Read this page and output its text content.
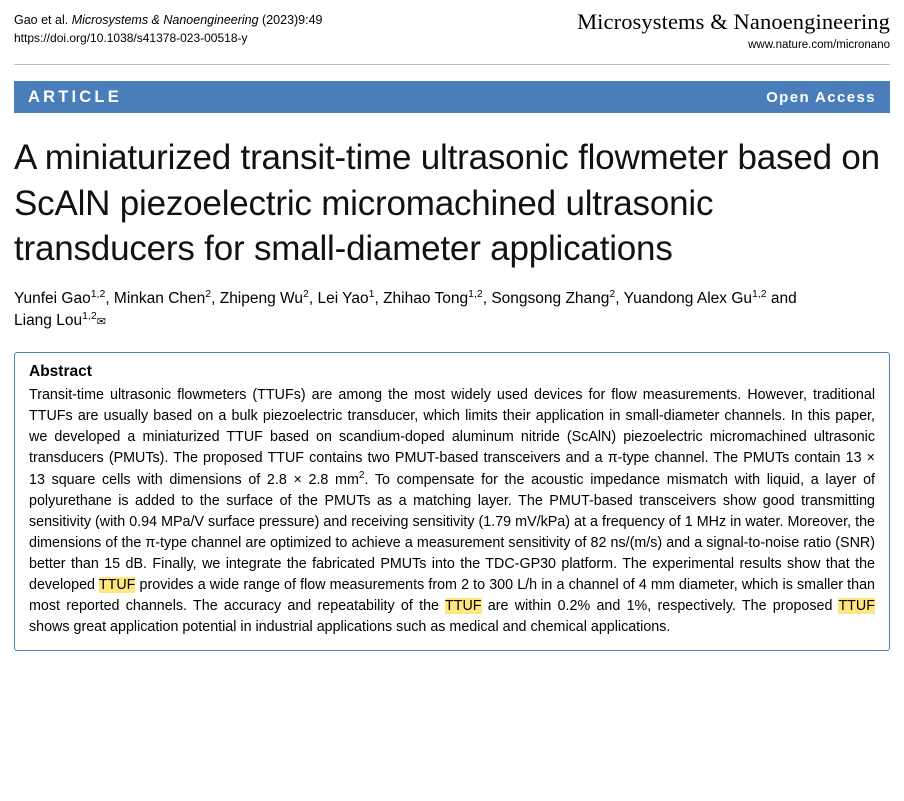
Gao et al. Microsystems & Nanoengineering (2023)9:49
https://doi.org/10.1038/s41378-023-00518-y
Microsystems & Nanoengineering
www.nature.com/micronano
ARTICLE	Open Access
A miniaturized transit-time ultrasonic flowmeter based on ScAlN piezoelectric micromachined ultrasonic transducers for small-diameter applications
Yunfei Gao$^{1,2}$, Minkan Chen$^2$, Zhipeng Wu$^2$, Lei Yao$^1$, Zhihao Tong$^{1,2}$, Songsong Zhang$^2$, Yuandong Alex Gu$^{1,2}$ and
Liang Lou$^{1,2}$✉
Abstract
Transit-time ultrasonic flowmeters (TTUFs) are among the most widely used devices for flow measurements. However, traditional TTUFs are usually based on a bulk piezoelectric transducer, which limits their application in small-diameter channels. In this paper, we developed a miniaturized TTUF based on scandium-doped aluminum nitride (ScAlN) piezoelectric micromachined ultrasonic transducers (PMUTs). The proposed TTUF contains two PMUT-based transceivers and a π-type channel. The PMUTs contain 13 × 13 square cells with dimensions of 2.8 × 2.8 $mm^2$. To compensate for the acoustic impedance mismatch with liquid, a layer of polyurethane is added to the surface of the PMUTs as a matching layer. The PMUT-based transceivers show good transmitting sensitivity (with 0.94 MPa/V surface pressure) and receiving sensitivity (1.79 mV/kPa) at a frequency of 1 MHz in water. Moreover, the dimensions of the π-type channel are optimized to achieve a measurement sensitivity of 82 ns/(m/s) and a signal-to-noise ratio (SNR) better than 15 dB. Finally, we integrate the fabricated PMUTs into the TDC-GP30 platform. The experimental results show that the developed TTUF provides a wide range of flow measurements from 2 to 300 L/h in a channel of 4 mm diameter, which is smaller than most reported channels. The accuracy and repeatability of the TTUF are within 0.2% and 1%, respectively. The proposed TTUF shows great application potential in industrial applications such as medical and chemical applications.
